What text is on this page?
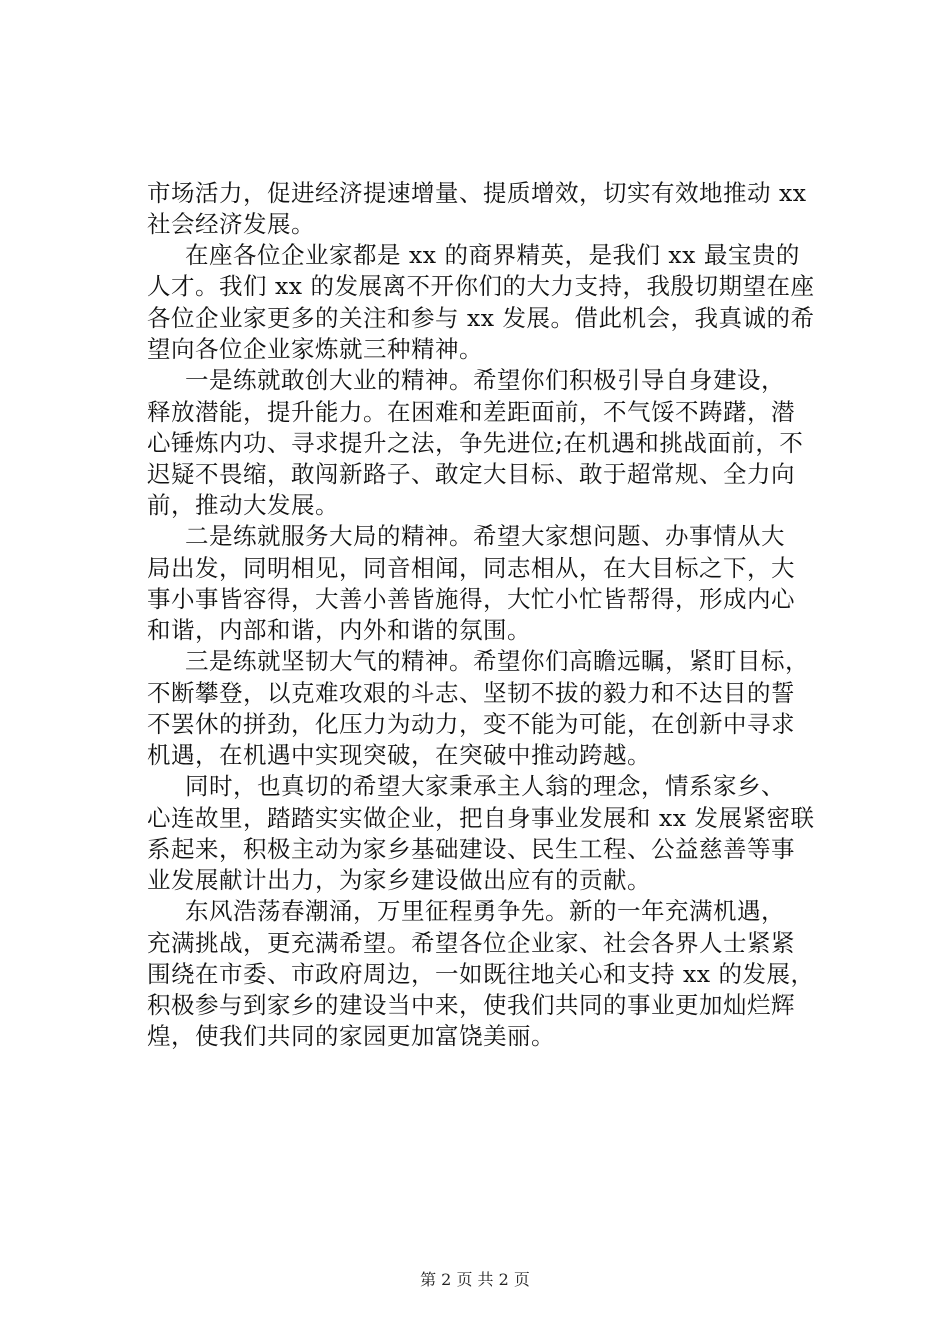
市场活力，促进经济提速增量、提质增效，切实有效地推动 xx
社会经济发展。
在座各位企业家都是 xx 的商界精英，是我们 xx 最宝贵的
人才。我们 xx 的发展离不开你们的大力支持，我殷切期望在座
各位企业家更多的关注和参与 xx 发展。借此机会，我真诚的希
望向各位企业家炼就三种精神。
一是练就敢创大业的精神。希望你们积极引导自身建设，
释放潜能，提升能力。在困难和差距面前，不气馁不踌躇，潜
心锤炼内功、寻求提升之法，争先进位;在机遇和挑战面前，不
迟疑不畏缩，敢闯新路子、敢定大目标、敢于超常规、全力向
前，推动大发展。
二是练就服务大局的精神。希望大家想问题、办事情从大
局出发，同明相见，同音相闻，同志相从，在大目标之下，大
事小事皆容得，大善小善皆施得，大忙小忙皆帮得，形成内心
和谐，内部和谐，内外和谐的氛围。
三是练就坚韧大气的精神。希望你们高瞻远瞩，紧盯目标，
不断攀登，以克难攻艰的斗志、坚韧不拔的毅力和不达目的誓
不罢休的拼劲，化压力为动力，变不能为可能，在创新中寻求
机遇，在机遇中实现突破，在突破中推动跨越。
同时，也真切的希望大家秉承主人翁的理念，情系家乡、
心连故里，踏踏实实做企业，把自身事业发展和 xx 发展紧密联
系起来，积极主动为家乡基础建设、民生工程、公益慈善等事
业发展献计出力，为家乡建设做出应有的贡献。
东风浩荡春潮涌，万里征程勇争先。新的一年充满机遇，
充满挑战，更充满希望。希望各位企业家、社会各界人士紧紧
围绕在市委、市政府周边，一如既往地关心和支持 xx 的发展，
积极参与到家乡的建设当中来，使我们共同的事业更加灿烂辉
煌，使我们共同的家园更加富饶美丽。
第 2 页 共 2 页
